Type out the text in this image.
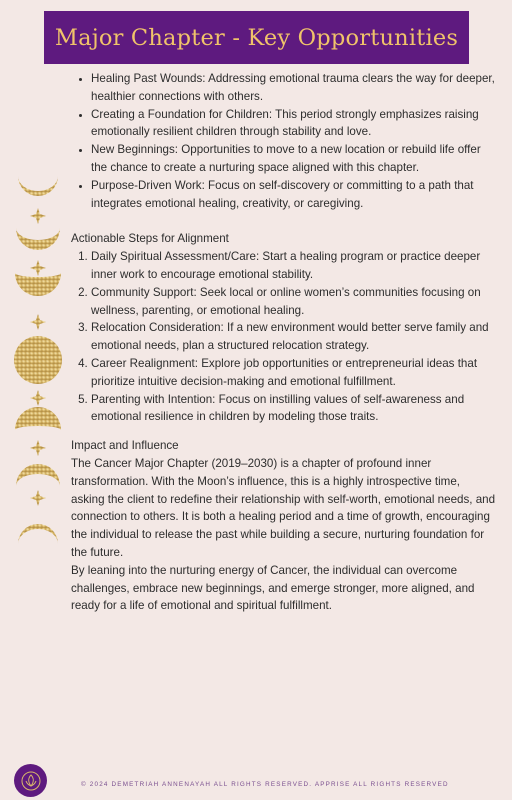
Major Chapter - Key Opportunities
• Healing Past Wounds: Addressing emotional trauma clears the way for deeper, healthier connections with others.
• Creating a Foundation for Children: This period strongly emphasizes raising emotionally resilient children through stability and love.
• New Beginnings: Opportunities to move to a new location or rebuild life offer the chance to create a nurturing space aligned with this chapter.
• Purpose-Driven Work: Focus on self-discovery or committing to a path that integrates emotional healing, creativity, or caregiving.
Actionable Steps for Alignment
1. Daily Spiritual Assessment/Care: Start a healing program or practice deeper inner work to encourage emotional stability.
2. Community Support: Seek local or online women’s communities focusing on wellness, parenting, or emotional healing.
3. Relocation Consideration: If a new environment would better serve family and emotional needs, plan a structured relocation strategy.
4. Career Realignment: Explore job opportunities or entrepreneurial ideas that prioritize intuitive decision-making and emotional fulfillment.
5. Parenting with Intention: Focus on instilling values of self-awareness and emotional resilience in children by modeling those traits.
Impact and Influence

The Cancer Major Chapter (2019–2030) is a chapter of profound inner transformation. With the Moon’s influence, this is a highly introspective time, asking the client to redefine their relationship with self-worth, emotional needs, and connection to others. It is both a healing period and a time of growth, encouraging the individual to release the past while building a secure, nurturing foundation for the future.

By leaning into the nurturing energy of Cancer, the individual can overcome challenges, embrace new beginnings, and emerge stronger, more aligned, and ready for a life of emotional and spiritual fulfillment.

© 2024 DEMETRIAH ANNENAYAH ALL RIGHTS RESERVED. APPRISE ALL RIGHTS RESERVED
